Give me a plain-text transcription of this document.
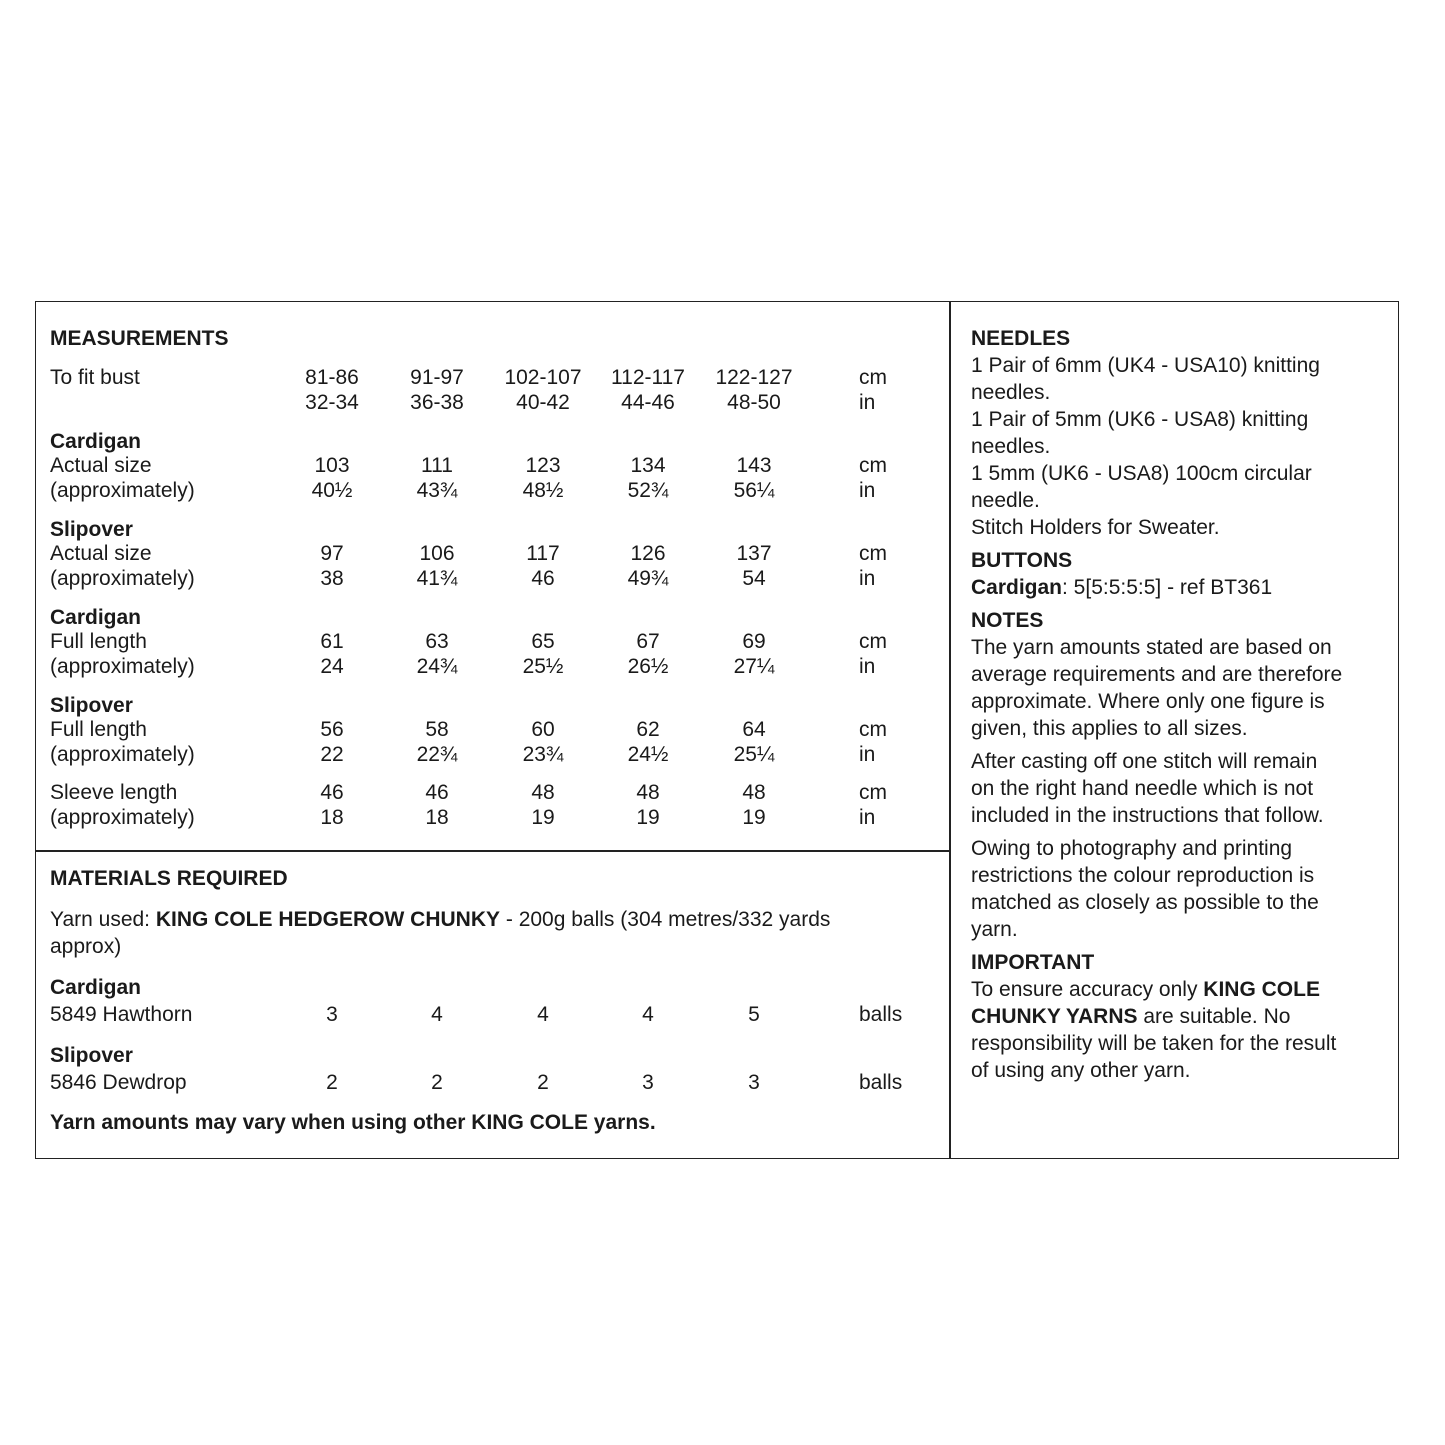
MEASUREMENTS
To fit bust	81-86	91-97	102-107	112-117	122-127	cm
32-34	36-38	40-42	44-46	48-50	in
Cardigan
Actual size
(approximately)
103	111	123	134	143	cm
40½	43¾	48½	52¾	56¼	in
Slipover
Actual size
(approximately)
97	106	117	126	137	cm
38	41¾	46	49¾	54	in
Cardigan
Full length
(approximately)
61	63	65	67	69	cm
24	24¾	25½	26½	27¼	in
Slipover
Full length
(approximately)
56	58	60	62	64	cm
22	22¾	23¾	24½	25¼	in
Sleeve length
(approximately)
46	46	48	48	48	cm
18	18	19	19	19	in
MATERIALS REQUIRED
Yarn used: KING COLE HEDGEROW CHUNKY - 200g balls (304 metres/332 yards
approx)
Cardigan
5849 Hawthorn	3	4	4	4	5	balls
Slipover
5846 Dewdrop	2	2	2	3	3	balls
Yarn amounts may vary when using other KING COLE yarns.
NEEDLES
1 Pair of 6mm (UK4 - USA10) knitting
needles.
1 Pair of 5mm (UK6 - USA8) knitting
needles.
1 5mm (UK6 - USA8) 100cm circular
needle.
Stitch Holders for Sweater.
BUTTONS
Cardigan: 5[5:5:5:5] - ref BT361
NOTES

The yarn amounts stated are based on
average requirements and are therefore
approximate. Where only one figure is
given, this applies to all sizes.

After casting off one stitch will remain
on the right hand needle which is not
included in the instructions that follow.

Owing to photography and printing
restrictions the colour reproduction is
matched as closely as possible to the
yarn.

IMPORTANT
To ensure accuracy only KING COLE
CHUNKY YARNS are suitable. No
responsibility will be taken for the result
of using any other yarn.
